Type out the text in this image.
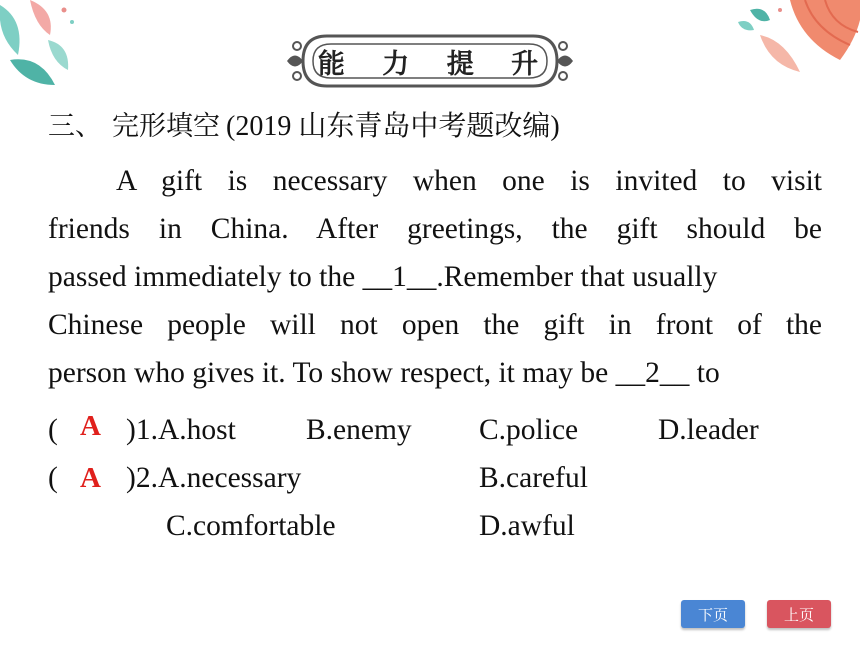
能 力 提 升
三、 完形填空 (2019 山东青岛中考题改编)
A gift is necessary when one is invited to visit
friends in China. After greetings, the gift should be
passed immediately to the __1__.Remember that usually
Chinese people will not open the gift in front of the
person who gives it. To show respect, it may be __2__ to
( A )1.A.host B.enemy C.police	D.leader
( A )2.A.necessary	B.careful
C.comfortable	D.awful
下页	上页
